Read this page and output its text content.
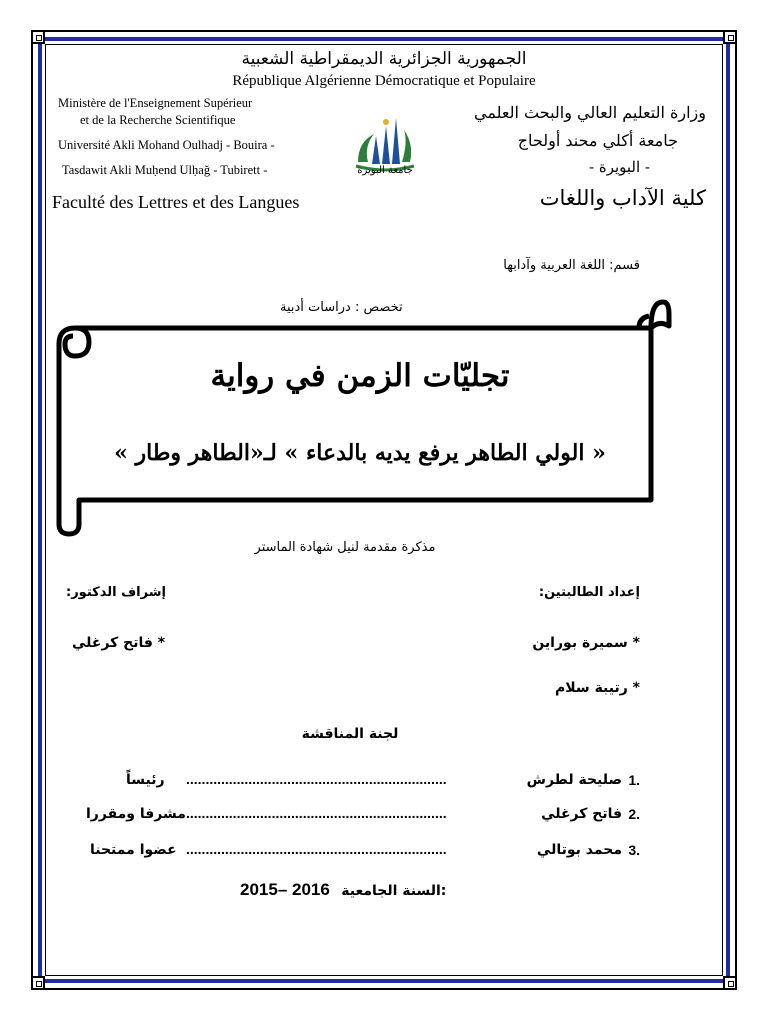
الجمهورية الجزائرية الديمقراطية الشعبية
République Algérienne Démocratique et Populaire
Ministère de l'Enseignement Supérieur
et de la Recherche Scientifique
Université Akli Mohand Oulhadj - Bouira -
Tasdawit Akli Muḥend Ulḥağ - Tubirett -
Faculté des Lettres et des Langues
وزارة التعليم العالي والبحث العلمي
جامعة أكلي محند أولحاج
- البويرة -
كلية الآداب واللغات
جامعة البويرة
قسم: اللغة العربية وآدابها
تخصص : دراسات أدبية
تجليّات الزمن في رواية
« الولي الطاهر يرفع يديه بالدعاء » لـ«الطاهر وطار »
مذكرة مقدمة لنيل شهادة الماستر
إعداد الطالبتين:
إشراف الدكتور:
* سميرة بوراين
* فاتح كرغلي
* رتيبة سلام
لجنة المناقشة
1.
صليحة لطرش
...................................................................
رئيساً
2.
فاتح كرغلي
...................................................................
مشرفا ومقررا
3.
محمد بوتالي
...................................................................
عضوا ممتحنا
2015– 2016 السنة الجامعية:
